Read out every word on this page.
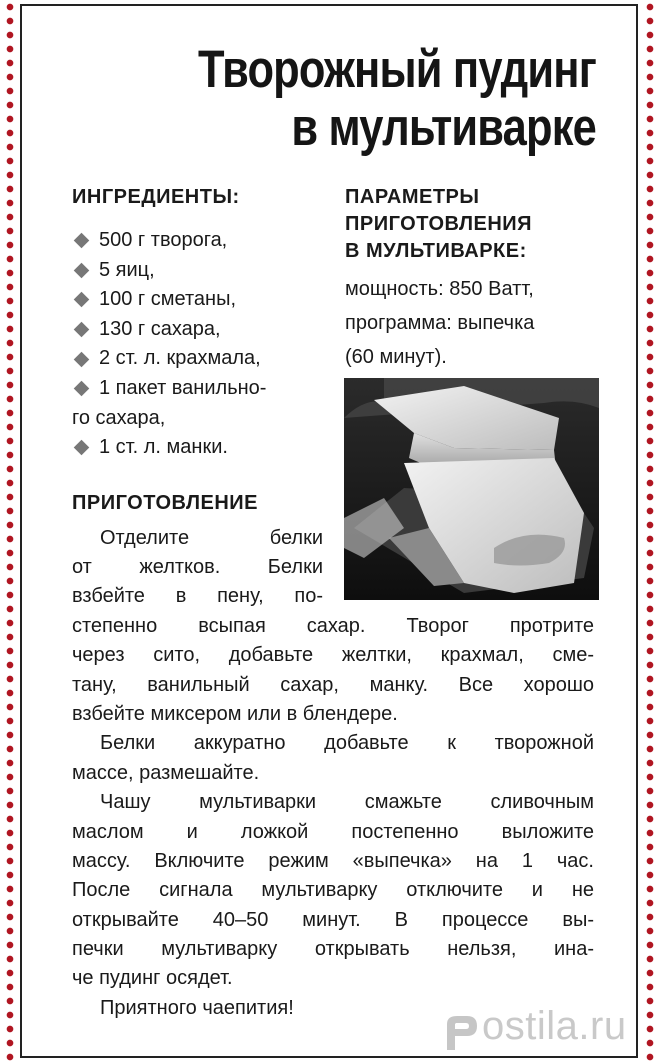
Творожный пудинг
в мультиварке
ИНГРЕДИЕНТЫ:
500 г творога,
5 яиц,
100 г сметаны,
130 г сахара,
2 ст. л. крахмала,
1 пакет ванильно-
го сахара,
1 ст. л. манки.
ПАРАМЕТРЫ
ПРИГОТОВЛЕНИЯ
В МУЛЬТИВАРКЕ:
мощность: 850 Ватт,
программа: выпечка
(60 минут).
ПРИГОТОВЛЕНИЕ
Отделите белки
от желтков. Белки
взбейте в пену, по-
степенно всыпая сахар. Творог протрите
через сито, добавьте желтки, крахмал, сме-
тану, ванильный сахар, манку. Все хорошо
взбейте миксером или в блендере.
Белки аккуратно добавьте к творожной
массе, размешайте.
Чашу мультиварки смажьте сливочным
маслом и ложкой постепенно выложите
массу. Включите режим «выпечка» на 1 час.
После сигнала мультиварку отключите и не
открывайте 40–50 минут. В процессе вы-
печки мультиварку открывать нельзя, ина-
че пудинг осядет.
Приятного чаепития!	ostila.ru
